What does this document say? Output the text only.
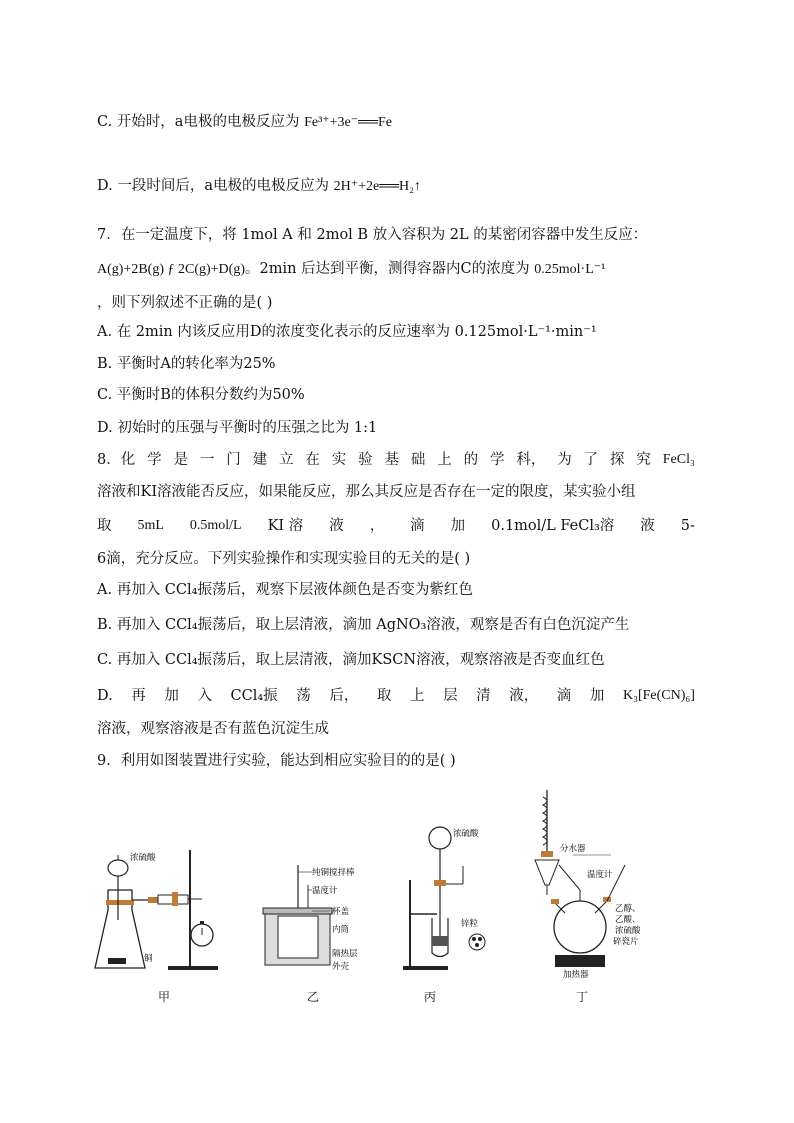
C. 开始时，a电极的电极反应为 Fe³⁺+3e⁻══Fe
D. 一段时间后，a电极的电极反应为 2H⁺+2e══H₂↑
7．在一定温度下，将 1mol A 和 2mol B 放入容积为 2L 的某密闭容器中发生反应：
A(g)+2B(g) ƒ 2C(g)+D(g)。2min 后达到平衡，测得容器内C的浓度为 0.25mol·L⁻¹
，则下列叙述不正确的是( )
A. 在 2min 内该反应用D的浓度变化表示的反应速率为 0.125mol·L⁻¹·min⁻¹
B. 平衡时A的转化率为25%
C. 平衡时B的体积分数约为50%
D. 初始时的压强与平衡时的压强之比为 1:1
8．化 学 是 一 门 建 立 在 实 验 基 础 上 的 学 科， 为 了 探 究 FeCl₃
溶液和KI溶液能否反应，如果能反应，那么其反应是否存在一定的限度，某实验小组
取 5mL 0.5mol/L KI 溶 液 ， 滴 加 0.1mol/L FeCl₃溶 液 5-
6滴，充分反应。下列实验操作和实现实验目的无关的是( )
A. 再加入 CCl₄振荡后，观察下层液体颜色是否变为紫红色
B. 再加入 CCl₄振荡后，取上层清液，滴加 AgNO₃溶液，观察是否有白色沉淀产生
C. 再加入 CCl₄振荡后，取上层清液，滴加KSCN溶液，观察溶液是否变血红色
D. 再 加 入 CCl₄振 荡 后， 取 上 层 清 液， 滴 加 K₃[Fe(CN)₆]
溶液，观察溶液是否有蓝色沉淀生成
9．利用如图装置进行实验，能达到相应实验目的的是( )
浓硫酸
铜
甲
纯铜搅拌棒
温度计
杯盖
内筒
隔热层
外壳
乙
浓硫酸
锌粒
丙
分水器
温度计
乙醇、
乙酸、
浓硫酸
碎瓷片
加热器
丁
